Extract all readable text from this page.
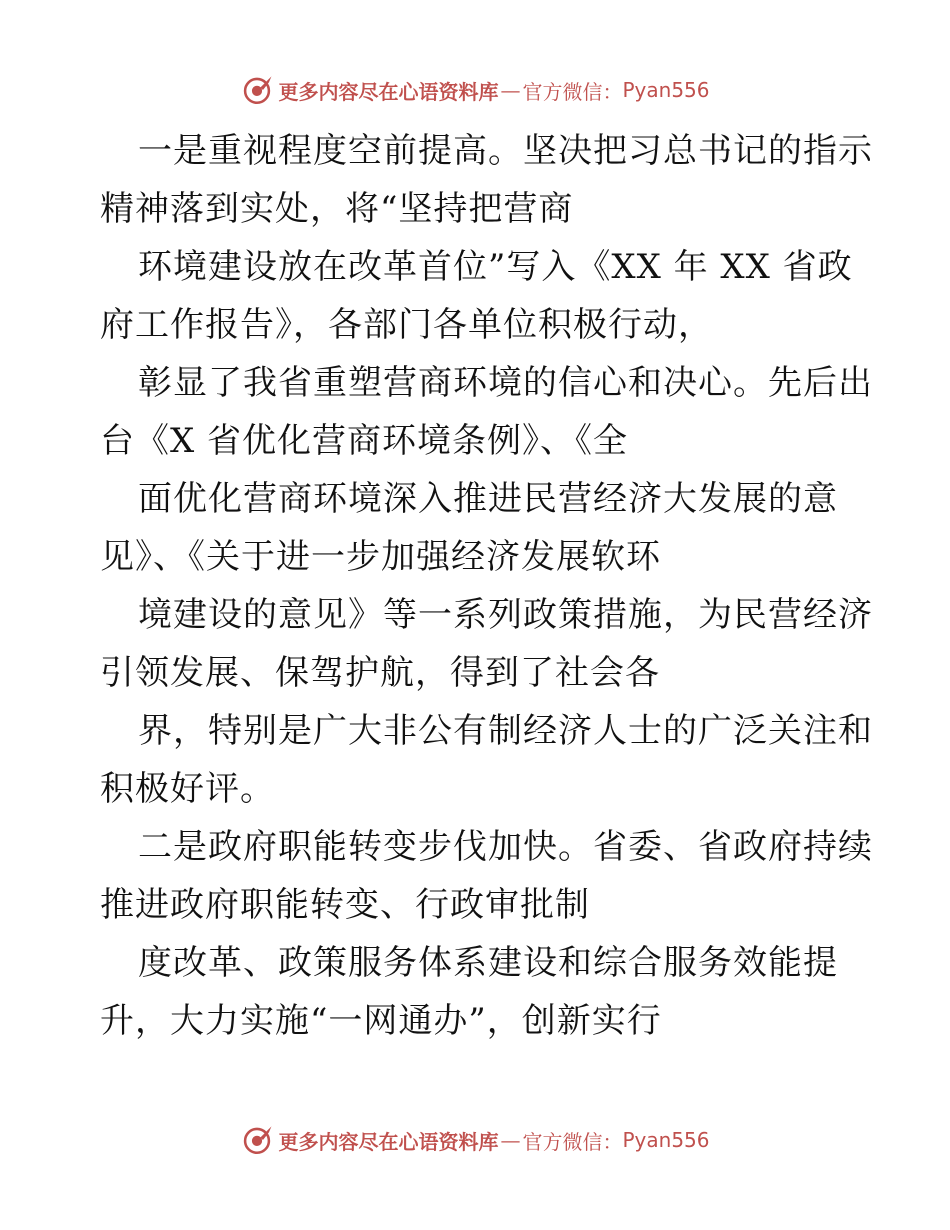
更多内容尽在心语资料库 — 官方微信： Pyan556
一是重视程度空前提高。坚决把习总书记的指示
精神落到实处，将“坚持把营商
环境建设放在改革首位”写入《XX 年 XX 省政
府工作报告》，各部门各单位积极行动，
彰显了我省重塑营商环境的信心和决心。先后出
台《X 省优化营商环境条例》、《全
面优化营商环境深入推进民营经济大发展的意
见》、《关于进一步加强经济发展软环
境建设的意见》等一系列政策措施，为民营经济
引领发展、保驾护航，得到了社会各
界，特别是广大非公有制经济人士的广泛关注和
积极好评。
二是政府职能转变步伐加快。省委、省政府持续
推进政府职能转变、行政审批制
度改革、政策服务体系建设和综合服务效能提
升，大力实施“一网通办”，创新实行
更多内容尽在心语资料库 — 官方微信： Pyan556
